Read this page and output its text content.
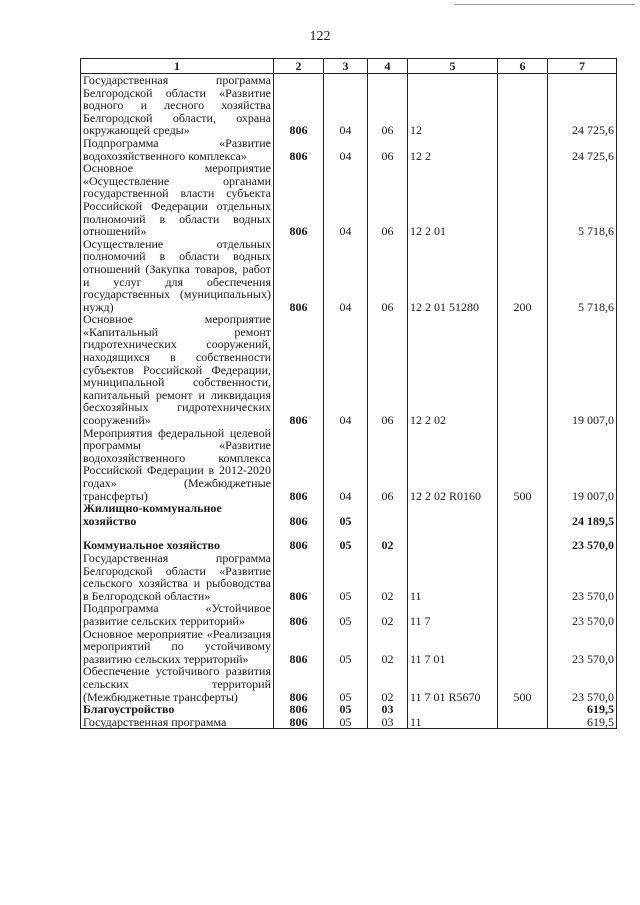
122
1	2	3	4	5	6	7
Государственная программа Белгородской области «Развитие водного и лесного хозяйства Белгородской области, охрана окружающей среды»	806	04	06	12		24 725,6
Подпрограмма «Развитие водохозяйственного комплекса»	806	04	06	12 2		24 725,6
Основное мероприятие «Осуществление органами государственной власти субъекта Российской Федерации отдельных полномочий в области водных отношений»	806	04	06	12 2 01		5 718,6
Осуществление отдельных полномочий в области водных отношений (Закупка товаров, работ и услуг для обеспечения государственных (муниципальных) нужд)	806	04	06	12 2 01 51280	200	5 718,6
Основное мероприятие «Капитальный ремонт гидротехнических сооружений, находящихся в собственности субъектов Российской Федерации, муниципальной собственности, капитальный ремонт и ликвидация бесхозяйных гидротехнических сооружений»	806	04	06	12 2 02		19 007,0
Мероприятия федеральной целевой программы «Развитие водохозяйственного комплекса Российской Федерации в 2012-2020 годах» (Межбюджетные трансферты)	806	04	06	12 2 02 R0160	500	19 007,0
Жилищно-коммунальное хозяйство	806	05				24 189,5

Коммунальное хозяйство	806	05	02			23 570,0
Государственная программа Белгородской области «Развитие сельского хозяйства и рыбоводства в Белгородской области»	806	05	02	11		23 570,0
Подпрограмма «Устойчивое развитие сельских территорий»	806	05	02	11 7		23 570,0
Основное мероприятие «Реализация мероприятий по устойчивому развитию сельских территорий»	806	05	02	11 7 01		23 570,0
Обеспечение устойчивого развития сельских территорий (Межбюджетные трансферты)	806	05	02	11 7 01 R5670	500	23 570,0
Благоустройство	806	05	03			619,5
Государственная программа	806	05	03	11		619,5
